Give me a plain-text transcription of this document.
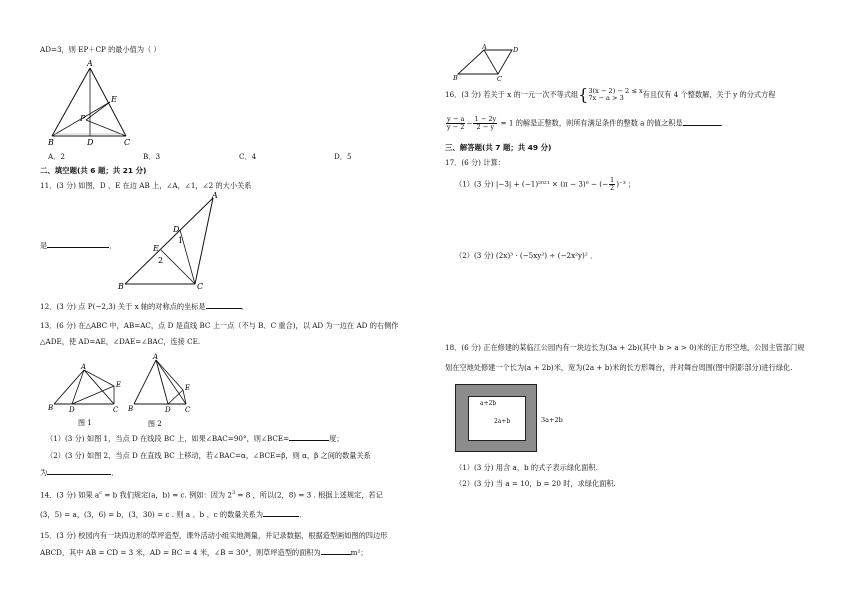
AD=3，则 EP＋CP 的最小值为（ ）
A
E
P
B	D	C
A．2	B．3	C．4	D．5
二、填空题(共 6 题；共 21 分)
11．(3 分) 如图，D 、E 在边 AB 上，∠A，∠1，∠2 的大小关系
A
D
1
E
2
B	C
是	．
12．(3 分) 点 P(−2,3) 关于 x 轴的对称点的坐标是	．
13．(6 分) 在△ABC 中，AB=AC，点 D 是直线 BC 上一点（不与 B、C 重合)，以 AD 为一边在 AD 的右侧作
△ADE，使 AD=AE，∠DAE=∠BAC，连接 CE.
A
B D	C
E
图 1
A
E
B	D C
图 2
（1）(3 分) 如图 1，当点 D 在线段 BC 上，如果∠BAC=90°，则∠BCE=	度；
（2）(3 分) 如图 2，当点 D 在直线 BC 上移动，若∠BAC=α，∠BCE=β，则 α，β 之间的数量关系
为	．
14．(3 分) 如果 $a^c = b$ 我们规定(a，b) = c. 例如：因为 $2^3 = 8$ ，所以(2，8) = 3 . 根据上述规定，若记
(3，5) = a，(3，6) = b，(3，30) = c . 则 a 、b 、c 的数量关系为	．
15．(3 分) 校园内有一块四边形的草坪造型，课外活动小组实地测量，并记录数据，根据造型画如图的四边形
ABCD，其中 AB = CD = 3 米，AD = BC = 4 米，∠B = 30°，则草坪造型的面积为	m²；
A	D
B	C
16．(3 分) 若关于 x 的一元一次不等式组{ 3(x − 2) − 2 ≤ x
7x − a > 3	有且仅有 4 个整数解，关于 y 的分式方程
$\frac{y - a}{y - 2} - \frac{1 - 2y}{2 - y} = 1$ 的解是正整数，则所有满足条件的整数 a 的值之积是	．
三、解答题(共 7 题；共 49 分)
17．(6 分) 计算：
（1）(3 分) |−3| + (−1)²⁰²¹ × (π − 3)⁰ − (− $\frac{1}{2} )^{-3}$ ；
（2）(3 分) (2x)³ · (−5xy²) ÷ (−2x²y)² ．
18．(6 分) 正在修建的某临江公园内有一块边长为(3a + 2b)(其中 b > a > 0)米的正方形空地，公园主管部门规
划在空地处修建一个长为(a + 2b)米，宽为(2a + b)米的长方形舞台，并对舞台周围(图中阴影部分)进行绿化.
a+2b
2a+b	3a+2b
（1）(3 分) 用含 a，b 的式子表示绿化面积.
（2）(3 分) 当 a = 10，b = 20 时，求绿化面积.
